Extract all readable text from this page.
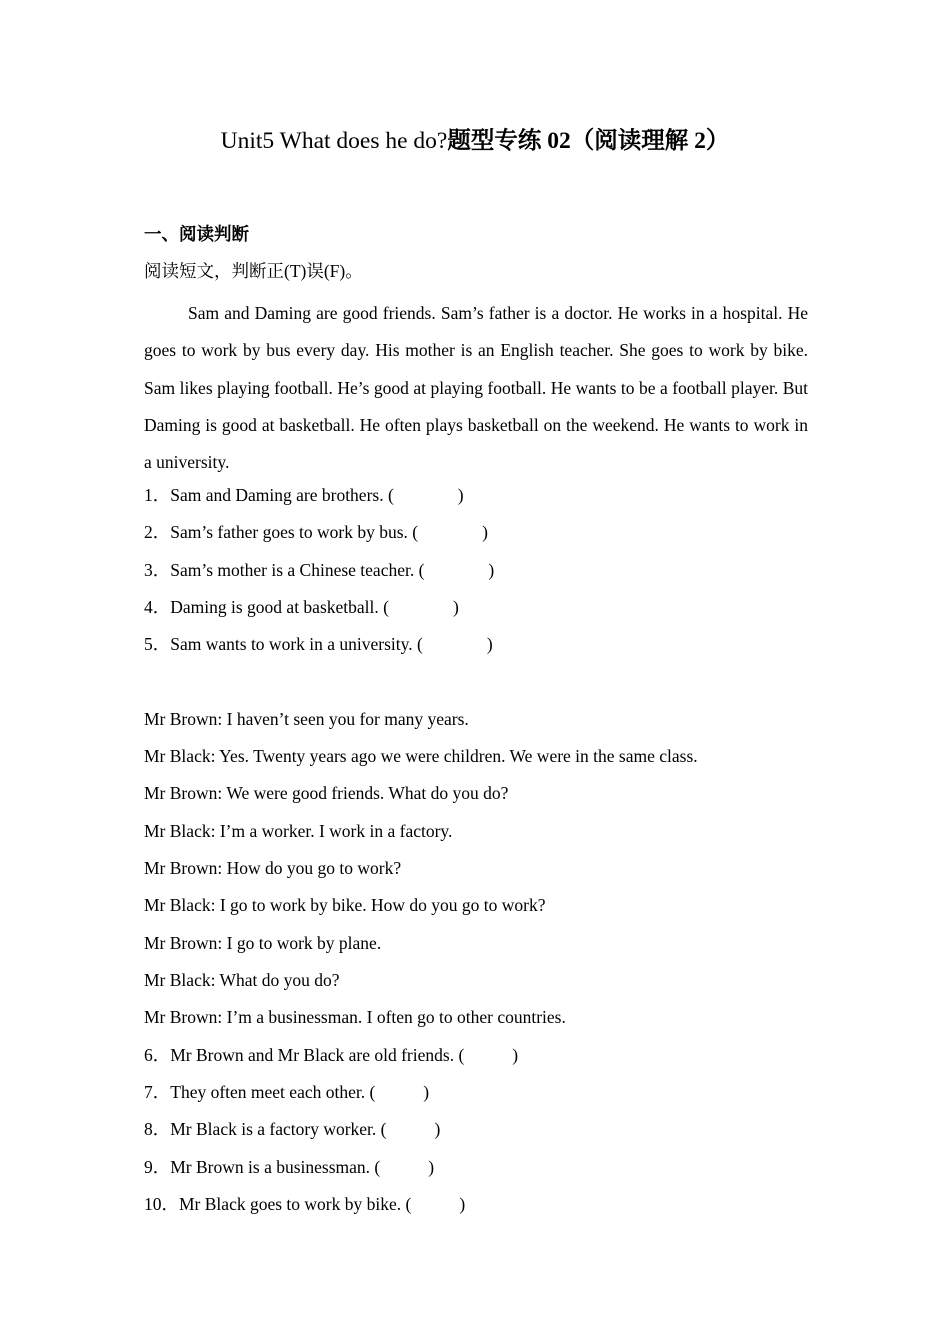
Unit5 What does he do?题型专练 02（阅读理解 2）
一、阅读判断
阅读短文，判断正(T)误(F)。
Sam and Daming are good friends. Sam’s father is a doctor. He works in a hospital. He goes to work by bus every day. His mother is an English teacher. She goes to work by bike. Sam likes playing football. He’s good at playing football. He wants to be a football player. But Daming is good at basketball. He often plays basketball on the weekend. He wants to work in a university.
1．Sam and Daming are brothers. (	)
2．Sam’s father goes to work by bus. (	)
3．Sam’s mother is a Chinese teacher. (	)
4．Daming is good at basketball. (	)
5．Sam wants to work in a university. (	)
Mr Brown: I haven’t seen you for many years.
Mr Black: Yes. Twenty years ago we were children. We were in the same class.
Mr Brown: We were good friends. What do you do?
Mr Black: I’m a worker. I work in a factory.
Mr Brown: How do you go to work?
Mr Black: I go to work by bike. How do you go to work?
Mr Brown: I go to work by plane.
Mr Black: What do you do?
Mr Brown: I’m a businessman. I often go to other countries.
6．Mr Brown and Mr Black are old friends. (	)
7．They often meet each other. (	)
8．Mr Black is a factory worker. (	)
9．Mr Brown is a businessman. (	)
10．Mr Black goes to work by bike. (	)
